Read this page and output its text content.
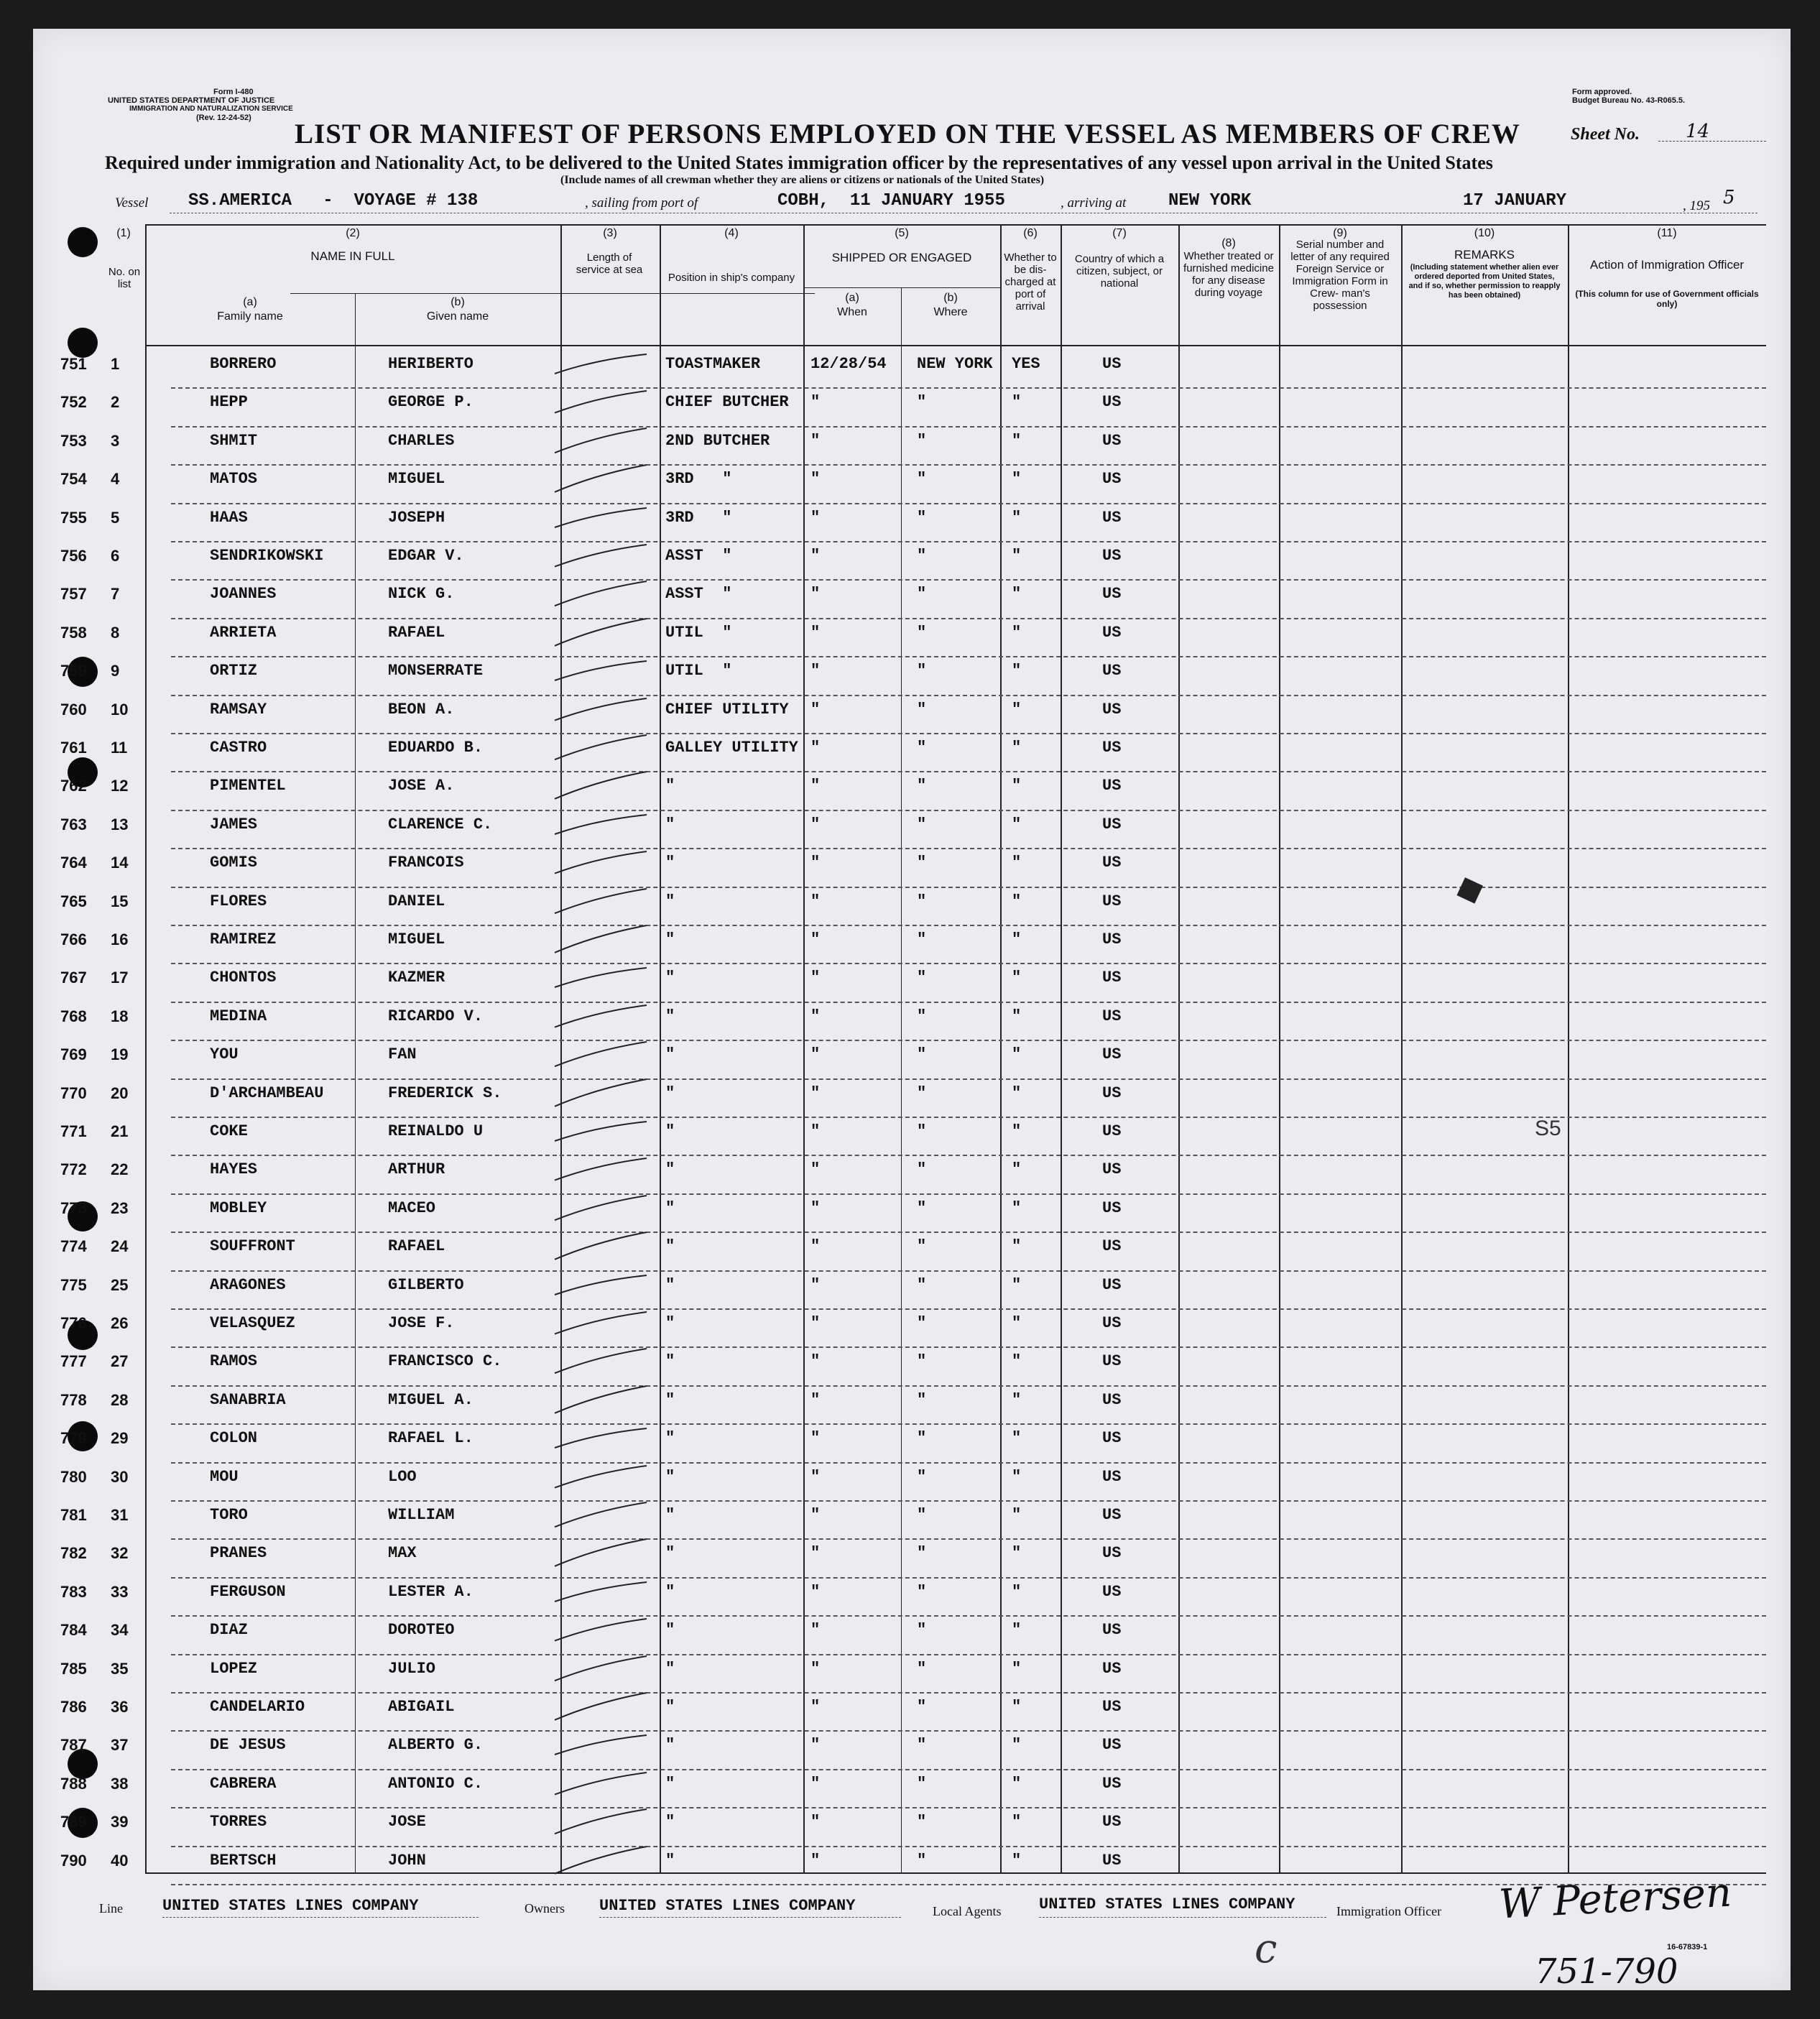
Form I-480
UNITED STATES DEPARTMENT OF JUSTICE
IMMIGRATION AND NATURALIZATION SERVICE
(Rev. 12-24-52)
Form approved.
Budget Bureau No. 43-R065.5.
LIST OR MANIFEST OF PERSONS EMPLOYED ON THE VESSEL AS MEMBERS OF CREW	Sheet No. 14
Required under immigration and Nationality Act, to be delivered to the United States immigration officer by the representatives of any vessel upon arrival in the United States
(Include names of all crewman whether they are aliens or citizens or nationals of the United States)
Vessel SS.AMERICA   -  VOYAGE # 138	, sailing from port of	COBH,  11 JANUARY 1955	, arriving at NEW YORK	17 JANUARY	, 195 5
(1)
No. on list
(2)
NAME IN FULL
(a)
Family name
(b)
Given name
(3)
Length of service at sea
(4)
Position in ship's company
(5)
SHIPPED OR ENGAGED
(a)
When
(b)
Where
(6)
Whether to be dis- charged at port of arrival
(7)
Country of which a citizen, subject, or national
(8)
Whether treated or furnished medicine for any disease during voyage
(9)
Serial number and letter of any required Foreign Service or Immigration Form in Crew- man's possession
(10)
REMARKS
(Including statement whether alien ever ordered deported from United States, and if so, whether permission to reapply has been obtained)
(11)
Action of Immigration Officer
(This column for use of Government officials only)
751 1	BORRERO	HERIBERTO	TOASTMAKER	12/28/54 NEW YORK YES	US
752 2	HEPP	GEORGE P.	CHIEF BUTCHER "	"	"	US
753 3	SHMIT	CHARLES	2ND BUTCHER	"	"	"	US
754 4	MATOS	MIGUEL	3RD   "	"	"	"	US
755 5	HAAS	JOSEPH	3RD   "	"	"	"	US
756 6	SENDRIKOWSKI	EDGAR V.	ASST  "	"	"	"	US
757 7	JOANNES	NICK G.	ASST  "	"	"	"	US
758 8	ARRIETA	RAFAEL	UTIL  "	"	"	"	US
759 9	ORTIZ	MONSERRATE	UTIL  "	"	"	"	US
760 10	RAMSAY	BEON A.	CHIEF UTILITY "	"	"	US
761 11	CASTRO	EDUARDO B.	GALLEY UTILITY "	"	"	US
762 12	PIMENTEL	JOSE A.	"	"	"	"	US
763 13	JAMES	CLARENCE C.	"	"	"	"	US
764 14	GOMIS	FRANCOIS	"	"	"	"	US
765 15	FLORES	DANIEL	"	"	"	"	US
766 16	RAMIREZ	MIGUEL	"	"	"	"	US
767 17	CHONTOS	KAZMER	"	"	"	"	US
768 18	MEDINA	RICARDO V.	"	"	"	"	US
769 19	YOU	FAN	"	"	"	"	US
770 20	D'ARCHAMBEAU	FREDERICK S.	"	"	"	"	US
771 21	COKE	REINALDO U	"	"	"	"	US
772 22	HAYES	ARTHUR	"	"	"	"	US
773 23	MOBLEY	MACEO	"	"	"	"	US
774 24	SOUFFRONT	RAFAEL	"	"	"	"	US
775 25	ARAGONES	GILBERTO	"	"	"	"	US
776 26	VELASQUEZ	JOSE F.	"	"	"	"	US
777 27	RAMOS	FRANCISCO C.	"	"	"	"	US
778 28	SANABRIA	MIGUEL A.	"	"	"	"	US
779 29	COLON	RAFAEL L.	"	"	"	"	US
780 30	MOU	LOO	"	"	"	"	US
781 31	TORO	WILLIAM	"	"	"	"	US
782 32	PRANES	MAX	"	"	"	"	US
783 33	FERGUSON	LESTER A.	"	"	"	"	US
784 34	DIAZ	DOROTEO	"	"	"	"	US
785 35	LOPEZ	JULIO	"	"	"	"	US
786 36	CANDELARIO	ABIGAIL	"	"	"	"	US
787 37	DE JESUS	ALBERTO G.	"	"	"	"	US
788 38	CABRERA	ANTONIO C.	"	"	"	"	US
789 39	TORRES	JOSE	"	"	"	"	US
790 40	BERTSCH	JOHN	"	"	"	"	US
◆
S5
Line	UNITED STATES LINES COMPANY	Owners UNITED STATES LINES COMPANY	Local Agents UNITED STATES LINES COMPANY	Immigration Officer W Petersen
16-67839-1
c	751-790
